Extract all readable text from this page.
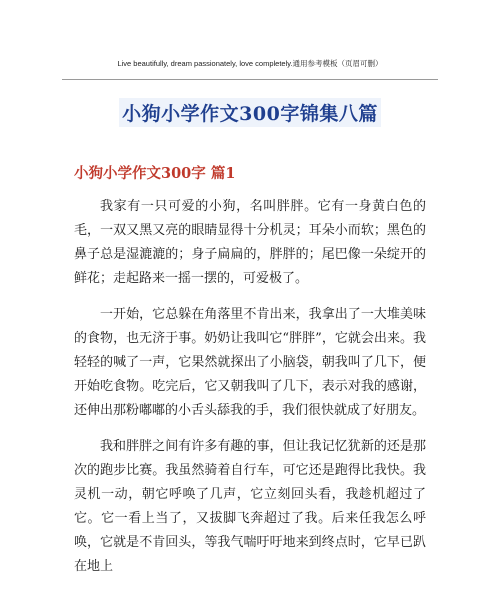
Live beautifully, dream passionately, love completely.通用参考模板（页眉可删）
小狗小学作文300字锦集八篇
小狗小学作文300字 篇1

我家有一只可爱的小狗，名叫胖胖。它有一身黄白色的毛，一双又黑又亮的眼睛显得十分机灵；耳朵小而软；黑色的鼻子总是湿漉漉的；身子扁扁的，胖胖的；尾巴像一朵绽开的鲜花；走起路来一摇一摆的，可爱极了。

一开始，它总躲在角落里不肯出来，我拿出了一大堆美味的食物，也无济于事。奶奶让我叫它“胖胖”，它就会出来。我轻轻的喊了一声，它果然就探出了小脑袋，朝我叫了几下，便开始吃食物。吃完后，它又朝我叫了几下，表示对我的感谢，还伸出那粉嘟嘟的小舌头舔我的手，我们很快就成了好朋友。

我和胖胖之间有许多有趣的事，但让我记忆犹新的还是那次的跑步比赛。我虽然骑着自行车，可它还是跑得比我快。我灵机一动，朝它呼唤了几声，它立刻回头看，我趁机超过了它。它一看上当了，又拔脚飞奔超过了我。后来任我怎么呼唤，它就是不肯回头，等我气喘吁吁地来到终点时，它早已趴在地上
